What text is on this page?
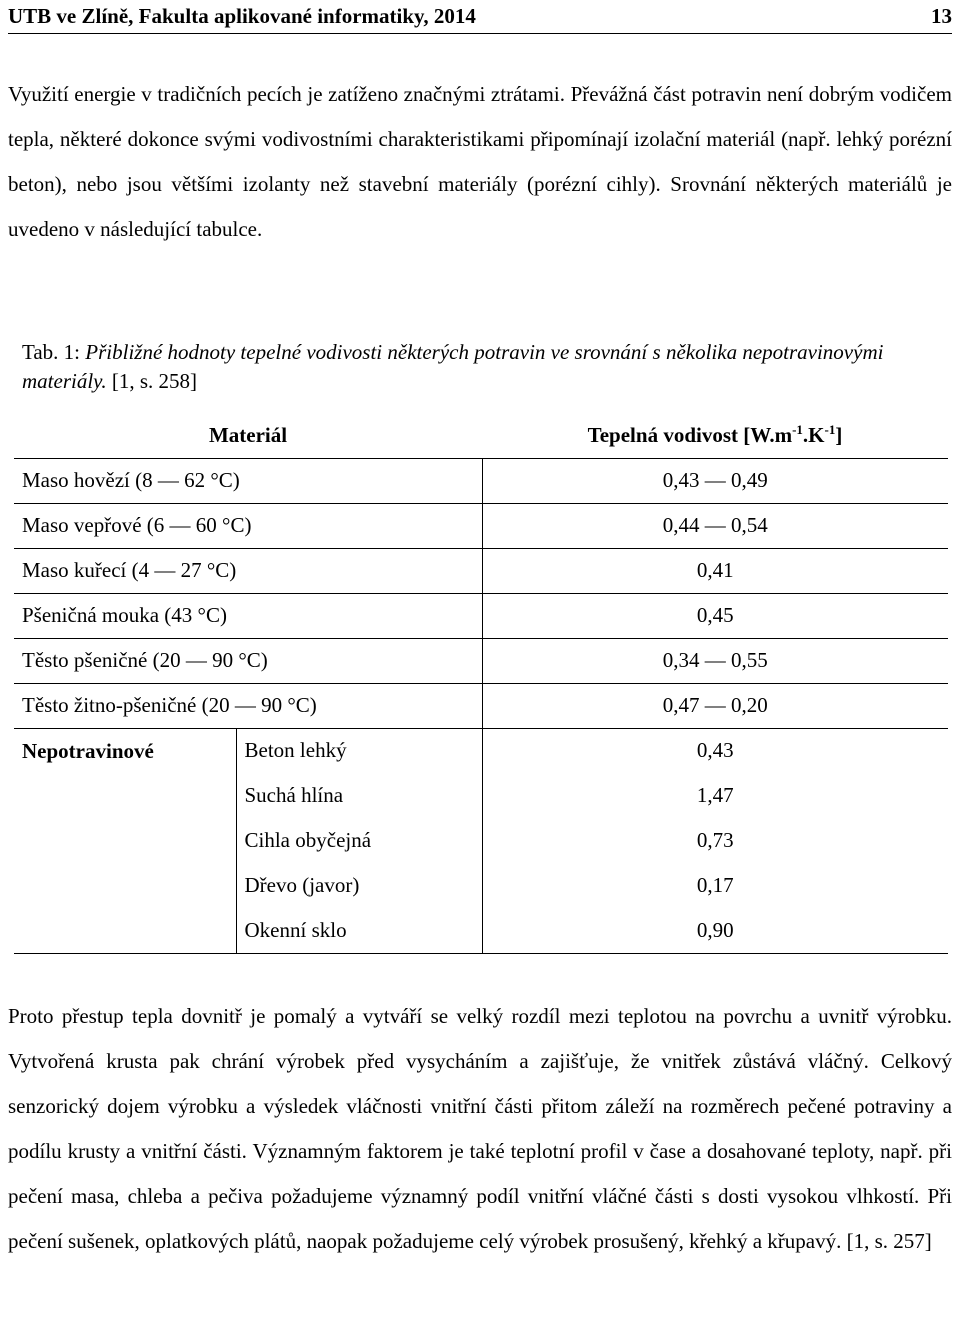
UTB ve Zlíně, Fakulta aplikované informatiky, 2014	13

Využití energie v tradičních pecích je zatíženo značnými ztrátami. Převážná část potravin není dobrým vodičem tepla, některé dokonce svými vodivostními charakteristikami připomínají izolační materiál (např. lehký porézní beton), nebo jsou většími izolanty než stavební materiály (porézní cihly). Srovnání některých materiálů je uvedeno v následující tabulce.

Tab. 1: Přibližné hodnoty tepelné vodivosti některých potravin ve srovnání s několika nepotravinovými materiály. [1, s. 258]

Materiál		Tepelná vodivost $[W.m^{-1}.K^{-1}]$
Maso hovězí (8 — 62 °C)		0,43 — 0,49
Maso vepřové (6 — 60 °C)		0,44 — 0,54
Maso kuřecí (4 — 27 °C)		0,41
Pšeničná mouka (43 °C)		0,45
Těsto pšeničné (20 — 90 °C)		0,34 — 0,55
Těsto žitno-pšeničné (20 — 90 °C)		0,47 — 0,20
Nepotravinové	Beton lehký	0,43
	Suchá hlína	1,47
	Cihla obyčejná	0,73
	Dřevo (javor)	0,17
	Okenní sklo	0,90

Proto přestup tepla dovnitř je pomalý a vytváří se velký rozdíl mezi teplotou na povrchu a uvnitř výrobku. Vytvořená krusta pak chrání výrobek před vysycháním a zajišťuje, že vnitřek zůstává vláčný. Celkový senzorický dojem výrobku a výsledek vláčnosti vnitřní části přitom záleží na rozměrech pečené potraviny a podílu krusty a vnitřní části. Významným faktorem je také teplotní profil v čase a dosahované teploty, např. při pečení masa, chleba a pečiva požadujeme významný podíl vnitřní vláčné části s dosti vysokou vlhkostí. Při pečení sušenek, oplatkových plátů, naopak požadujeme celý výrobek prosušený, křehký a křupavý. [1, s. 257]
